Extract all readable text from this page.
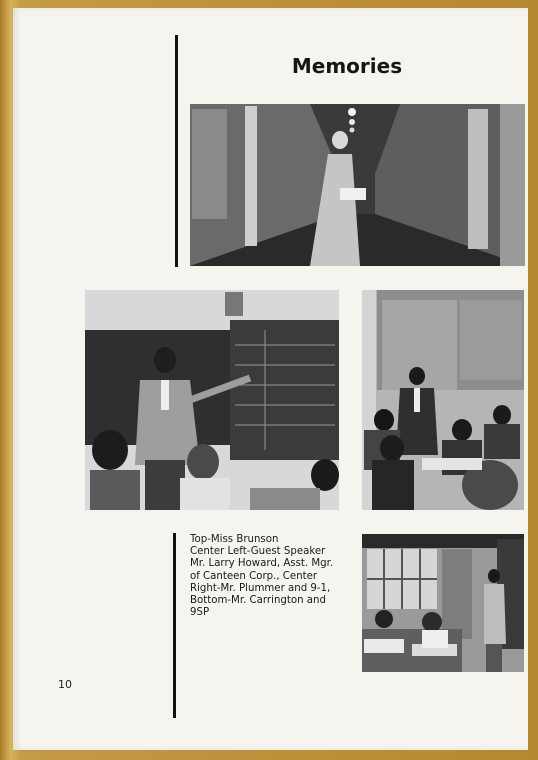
Memories
Top-Miss Brunson
Center Left-Guest Speaker
Mr. Larry Howard, Asst. Mgr.
of Canteen Corp., Center
Right-Mr. Plummer and 9-1,
Bottom-Mr. Carrington and
9SP
10
